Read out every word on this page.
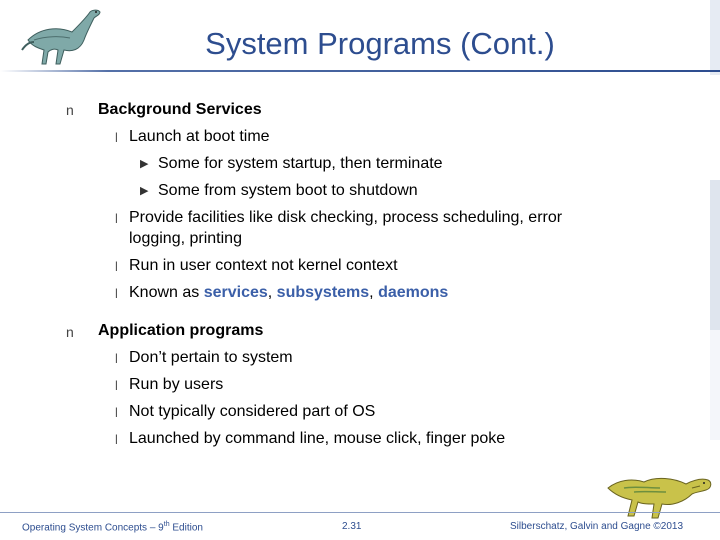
System Programs (Cont.)
n Background Services
l Launch at boot time
▶ Some for system startup, then terminate
▶ Some from system boot to shutdown
l Provide facilities like disk checking, process scheduling, error
logging, printing
l Run in user context not kernel context
l Known as services, subsystems, daemons
n Application programs
l Don’t pertain to system
l Run by users
l Not typically considered part of OS
l Launched by command line, mouse click, finger poke
Operating System Concepts – 9th Edition	2.31	Silberschatz, Galvin and Gagne ©2013
